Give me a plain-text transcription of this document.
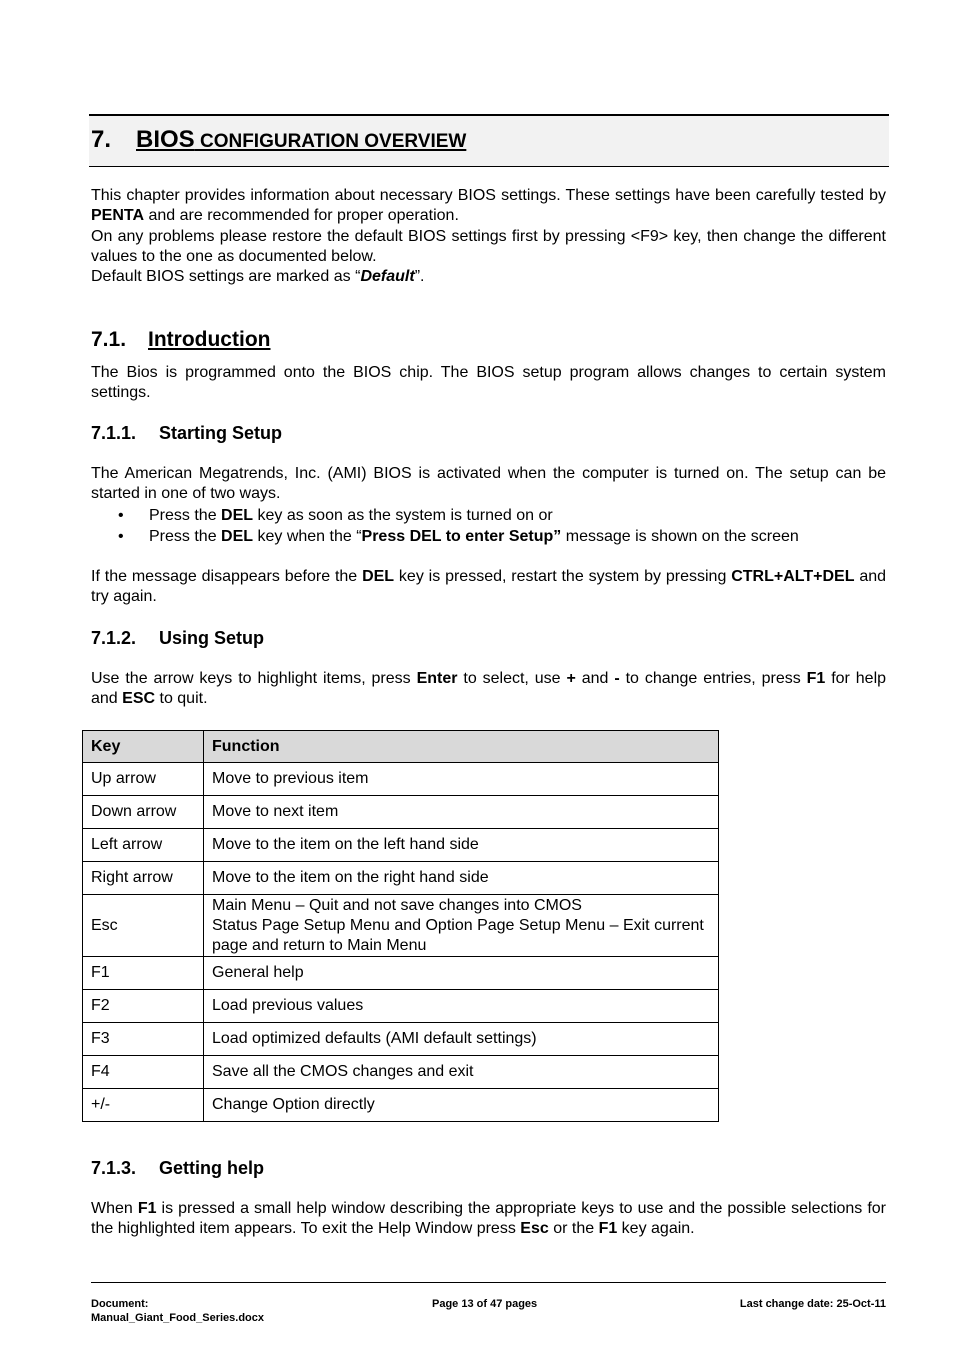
7. BIOS CONFIGURATION OVERVIEW
This chapter provides information about necessary BIOS settings. These settings have been carefully tested by PENTA and are recommended for proper operation.
On any problems please restore the default BIOS settings first by pressing <F9> key, then change the different values to the one as documented below.
Default BIOS settings are marked as “Default”.
7.1. Introduction
The Bios is programmed onto the BIOS chip. The BIOS setup program allows changes to certain system settings.
7.1.1. Starting Setup
The American Megatrends, Inc. (AMI) BIOS is activated when the computer is turned on. The setup can be started in one of two ways.
• Press the DEL key as soon as the system is turned on or
• Press the DEL key when the “Press DEL to enter Setup” message is shown on the screen
If the message disappears before the DEL key is pressed, restart the system by pressing CTRL+ALT+DEL and try again.
7.1.2. Using Setup
Use the arrow keys to highlight items, press Enter to select, use + and - to change entries, press F1 for help and ESC to quit.
Key	Function
Up arrow	Move to previous item
Down arrow	Move to next item
Left arrow	Move to the item on the left hand side
Right arrow	Move to the item on the right hand side
Esc	Main Menu – Quit and not save changes into CMOS
Status Page Setup Menu and Option Page Setup Menu – Exit current page and return to Main Menu

F1	General help
F2	Load previous values
F3	Load optimized defaults (AMI default settings)
F4	Save all the CMOS changes and exit
+/-	Change Option directly
7.1.3. Getting help
When F1 is pressed a small help window describing the appropriate keys to use and the possible selections for the highlighted item appears. To exit the Help Window press Esc or the F1 key again.
Document:
Manual_Giant_Food_Series.docx
Page 13 of 47 pages	Last change date: 25-Oct-11
